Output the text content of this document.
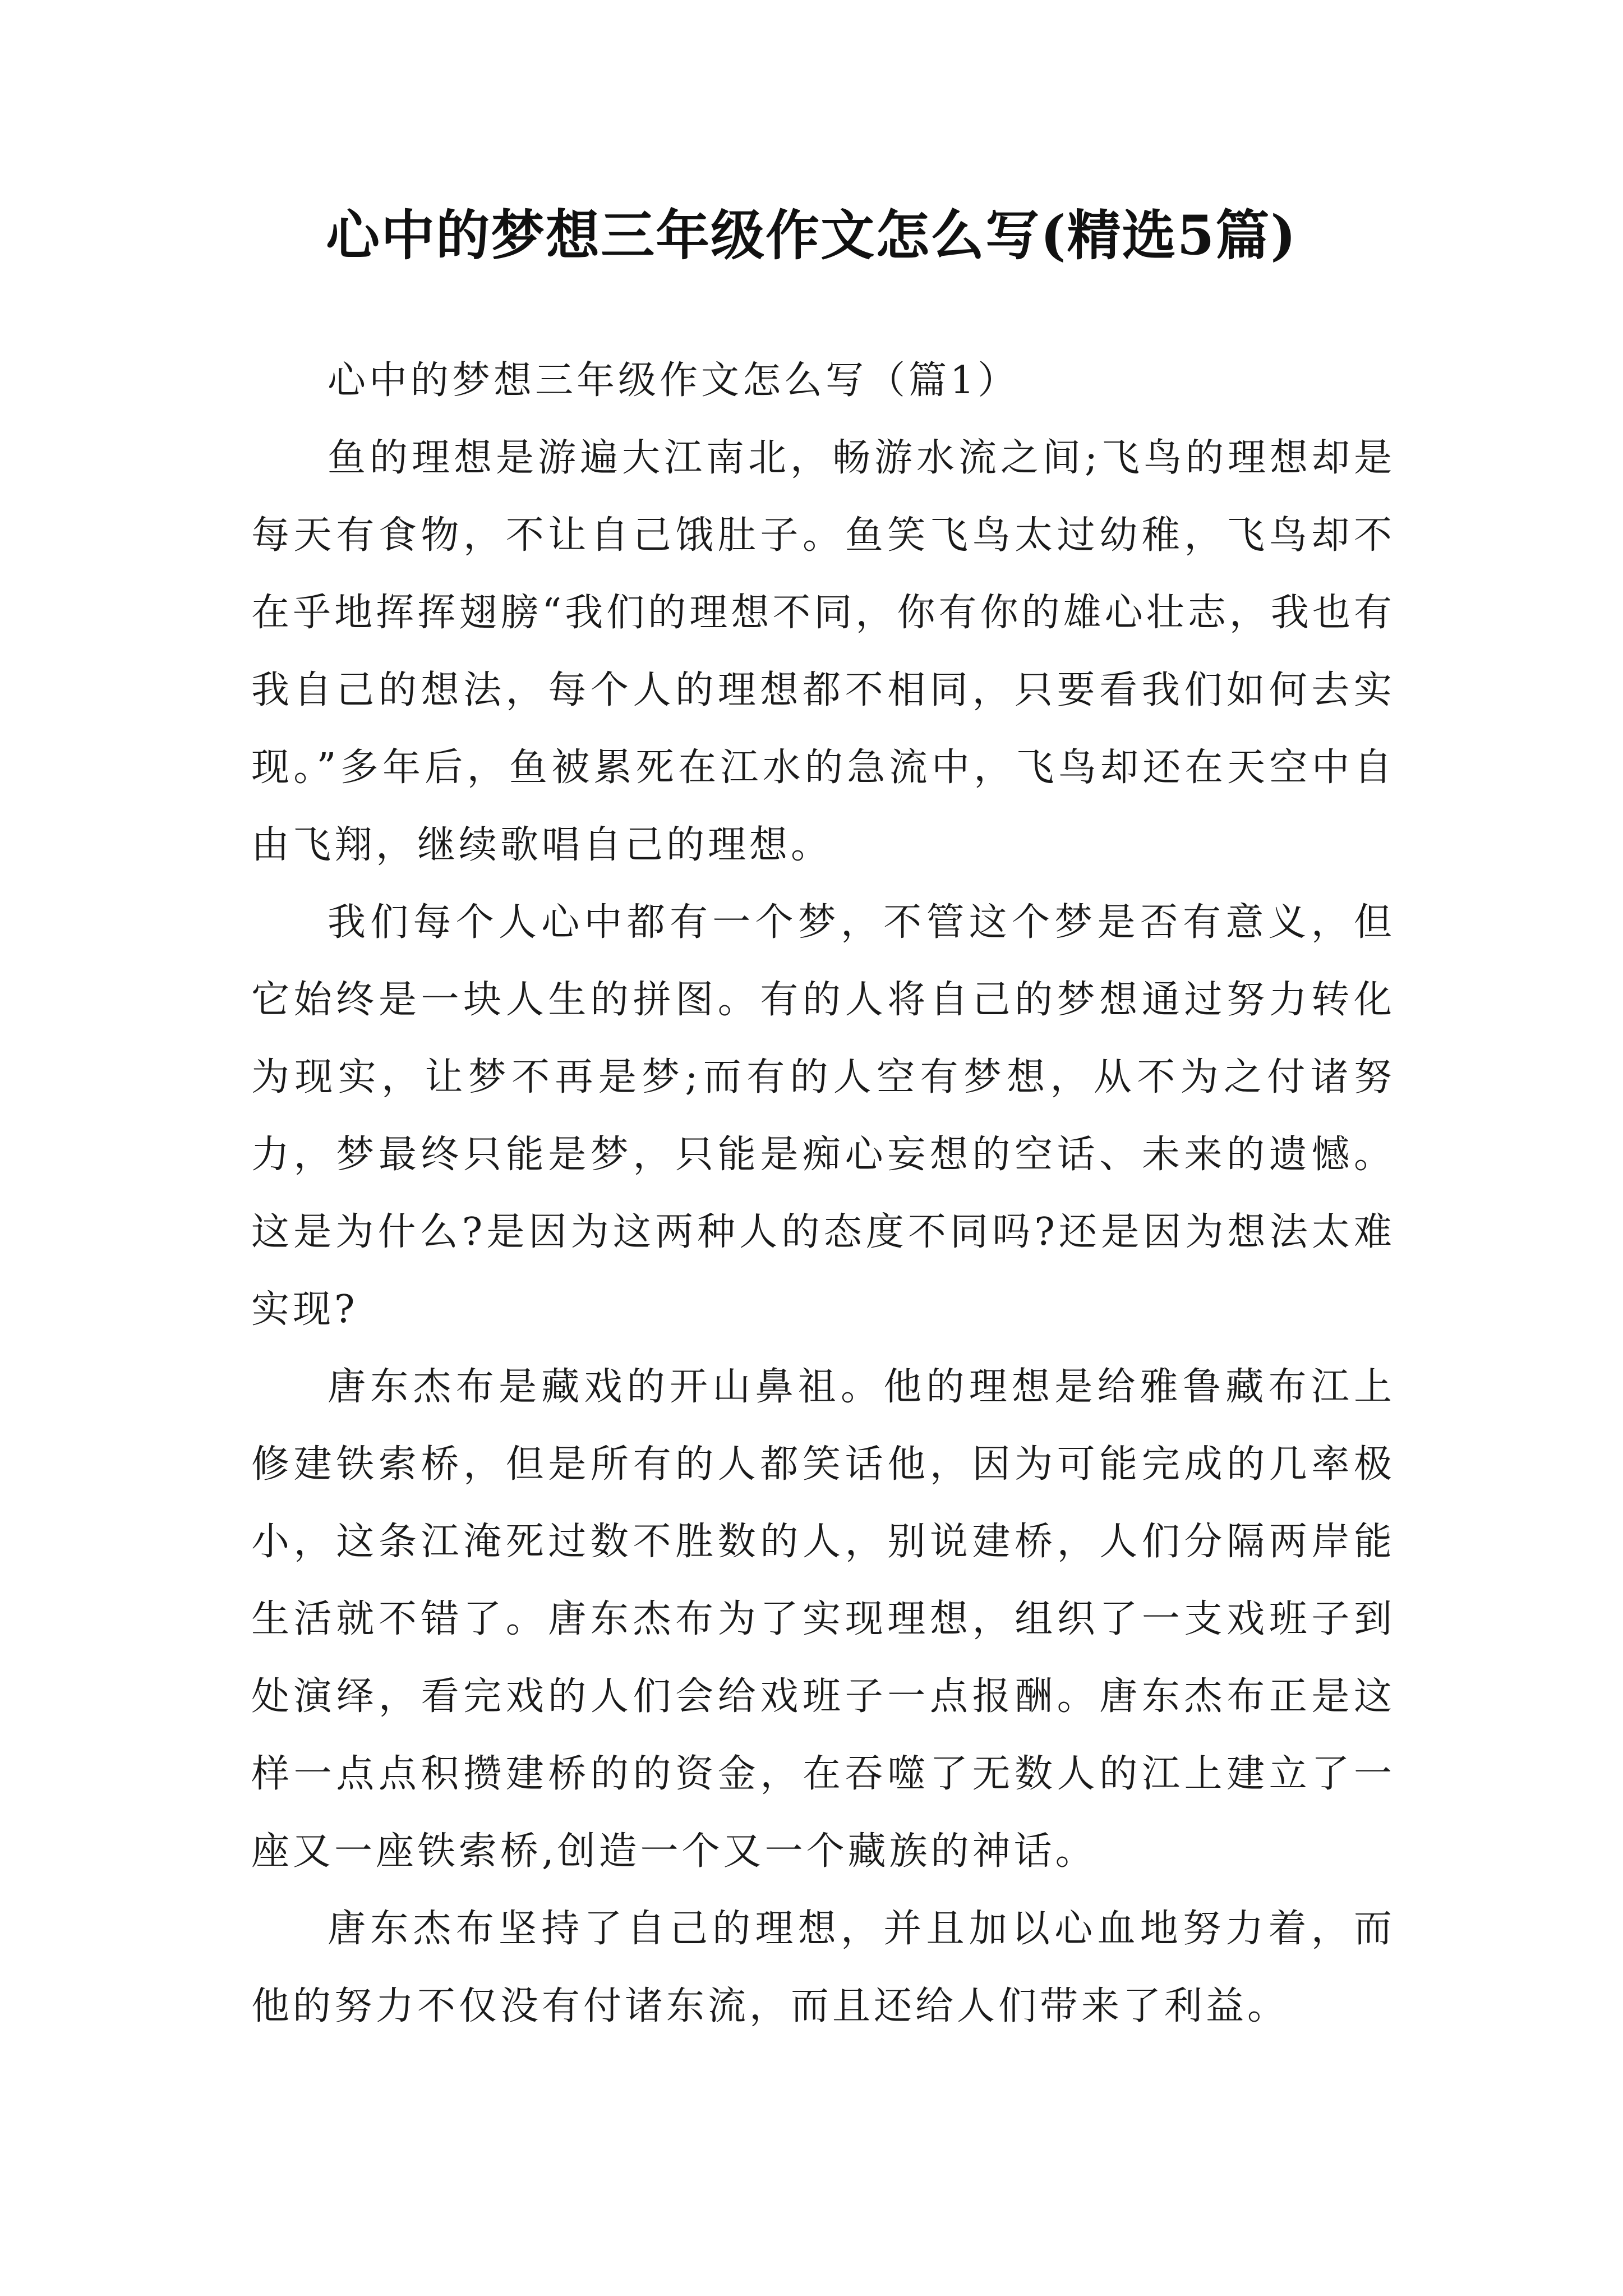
心中的梦想三年级作文怎么写(精选5篇)

心中的梦想三年级作文怎么写（篇1）

鱼的理想是游遍大江南北，畅游水流之间;飞鸟的理想却是每天有食物，不让自己饿肚子。鱼笑飞鸟太过幼稚，飞鸟却不在乎地挥挥翅膀“我们的理想不同，你有你的雄心壮志，我也有我自己的想法，每个人的理想都不相同，只要看我们如何去实现。”多年后，鱼被累死在江水的急流中，飞鸟却还在天空中自由飞翔，继续歌唱自己的理想。

我们每个人心中都有一个梦，不管这个梦是否有意义，但它始终是一块人生的拼图。有的人将自己的梦想通过努力转化为现实，让梦不再是梦;而有的人空有梦想，从不为之付诸努力，梦最终只能是梦，只能是痴心妄想的空话、未来的遗憾。这是为什么?是因为这两种人的态度不同吗?还是因为想法太难实现?

唐东杰布是藏戏的开山鼻祖。他的理想是给雅鲁藏布江上修建铁索桥，但是所有的人都笑话他，因为可能完成的几率极小，这条江淹死过数不胜数的人，别说建桥，人们分隔两岸能生活就不错了。唐东杰布为了实现理想，组织了一支戏班子到处演绎，看完戏的人们会给戏班子一点报酬。唐东杰布正是这样一点点积攒建桥的的资金，在吞噬了无数人的江上建立了一座又一座铁索桥,创造一个又一个藏族的神话。

唐东杰布坚持了自己的理想，并且加以心血地努力着，而他的努力不仅没有付诸东流，而且还给人们带来了利益。
